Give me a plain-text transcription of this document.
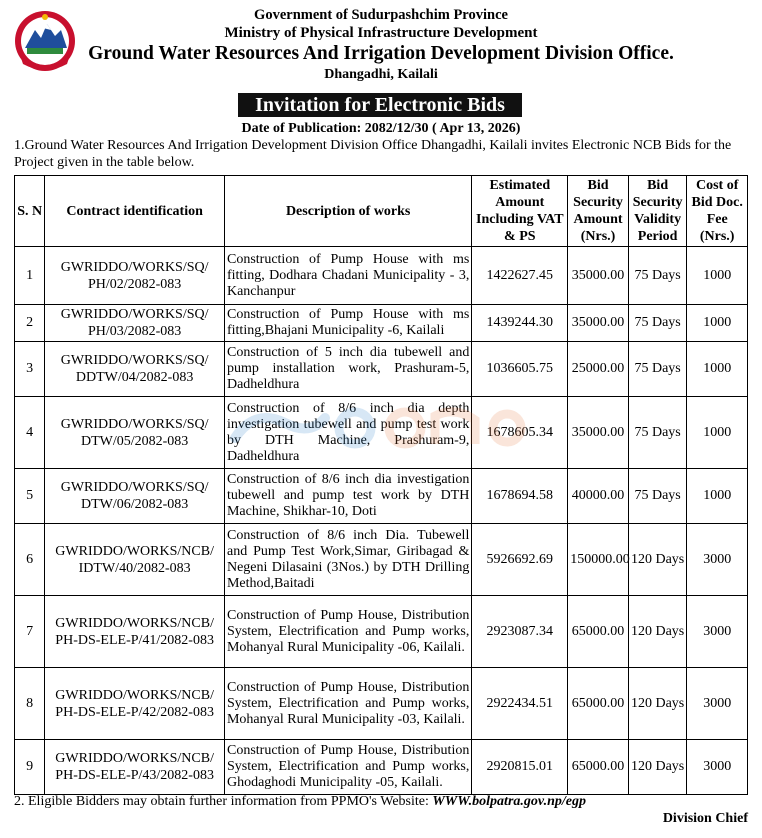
Government of Sudurpashchim Province
Ministry of Physical Infrastructure Development
Ground Water Resources And Irrigation Development Division Office.
Dhangadhi, Kailali
Invitation for Electronic Bids
Date of Publication: 2082/12/30 ( Apr 13, 2026)
1.Ground Water Resources And Irrigation Development Division Office Dhangadhi, Kailali invites Electronic NCB Bids for the Project given in the table below.
S. N	Contract identification	Description of works	Estimated Amount Including VAT & PS	Bid Security Amount (Nrs.)	Bid Security Validity Period	Cost of Bid Doc. Fee (Nrs.)
1	GWRIDDO/WORKS/SQ/ PH/02/2082-083	Construction of Pump House with ms fitting, Dodhara Chadani Municipality - 3, Kanchanpur	1422627.45	35000.00	75 Days	1000
2	GWRIDDO/WORKS/SQ/ PH/03/2082-083	Construction of Pump House with ms fitting,Bhajani Municipality -6, Kailali	1439244.30	35000.00	75 Days	1000
3	GWRIDDO/WORKS/SQ/ DDTW/04/2082-083	Construction of 5 inch dia tubewell and pump installation work, Prashuram-5, Dadheldhura	1036605.75	25000.00	75 Days	1000
4	GWRIDDO/WORKS/SQ/ DTW/05/2082-083	Construction of 8/6 inch dia depth investigation tubewell and pump test work by DTH Machine, Prashuram-9, Dadheldhura	1678605.34	35000.00	75 Days	1000
5	GWRIDDO/WORKS/SQ/ DTW/06/2082-083	Construction of 8/6 inch dia investigation tubewell and pump test work by DTH Machine, Shikhar-10, Doti	1678694.58	40000.00	75 Days	1000
6	GWRIDDO/WORKS/NCB/ IDTW/40/2082-083	Construction of 8/6 inch Dia. Tubewell and Pump Test Work,Simar, Giribagad & Negeni Dilasaini (3Nos.) by DTH Drilling Method,Baitadi	5926692.69	150000.00	120 Days	3000
7	GWRIDDO/WORKS/NCB/ PH-DS-ELE-P/41/2082-083	Construction of Pump House, Distribution System, Electrification and Pump works, Mohanyal Rural Municipality -06, Kailali.	2923087.34	65000.00	120 Days	3000
8	GWRIDDO/WORKS/NCB/ PH-DS-ELE-P/42/2082-083	Construction of Pump House, Distribution System, Electrification and Pump works, Mohanyal Rural Municipality -03, Kailali.	2922434.51	65000.00	120 Days	3000
9	GWRIDDO/WORKS/NCB/ PH-DS-ELE-P/43/2082-083	Construction of Pump House, Distribution System, Electrification and Pump works, Ghodaghodi Municipality -05, Kailali.	2920815.01	65000.00	120 Days	3000
2. Eligible Bidders may obtain further information from PPMO's Website: WWW.bolpatra.gov.np/egp
Division Chief
